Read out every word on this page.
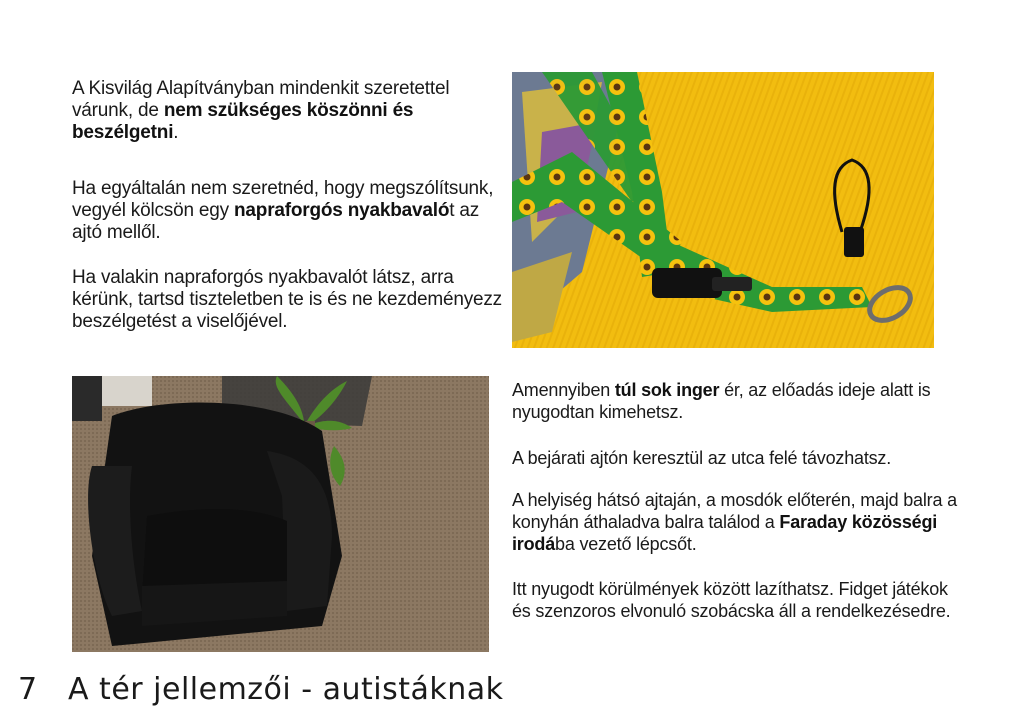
A Kisvilág Alapítványban mindenkit szeretettel várunk, de nem szükséges köszönni és beszélgetni.
Ha egyáltalán nem szeretnéd, hogy megszólítsunk, vegyél kölcsön egy napraforgós nyakbavalót az ajtó mellől.
Ha valakin napraforgós nyakbavalót látsz, arra kérünk, tartsd tiszteletben te is és ne kezdeményezz beszélgetést a viselőjével.
Amennyiben túl sok inger ér, az előadás ideje alatt is nyugodtan kimehetsz.
A bejárati ajtón keresztül az utca felé távozhatsz.
A helyiség hátsó ajtaján, a mosdók előterén, majd balra a konyhán áthaladva balra találod a Faraday közösségi irodába vezető lépcsőt.
Itt nyugodt körülmények között lazíthatsz. Fidget játékok és szenzoros elvonuló szobácska áll a rendelkezésedre.
7 A tér jellemzői - autistáknak
